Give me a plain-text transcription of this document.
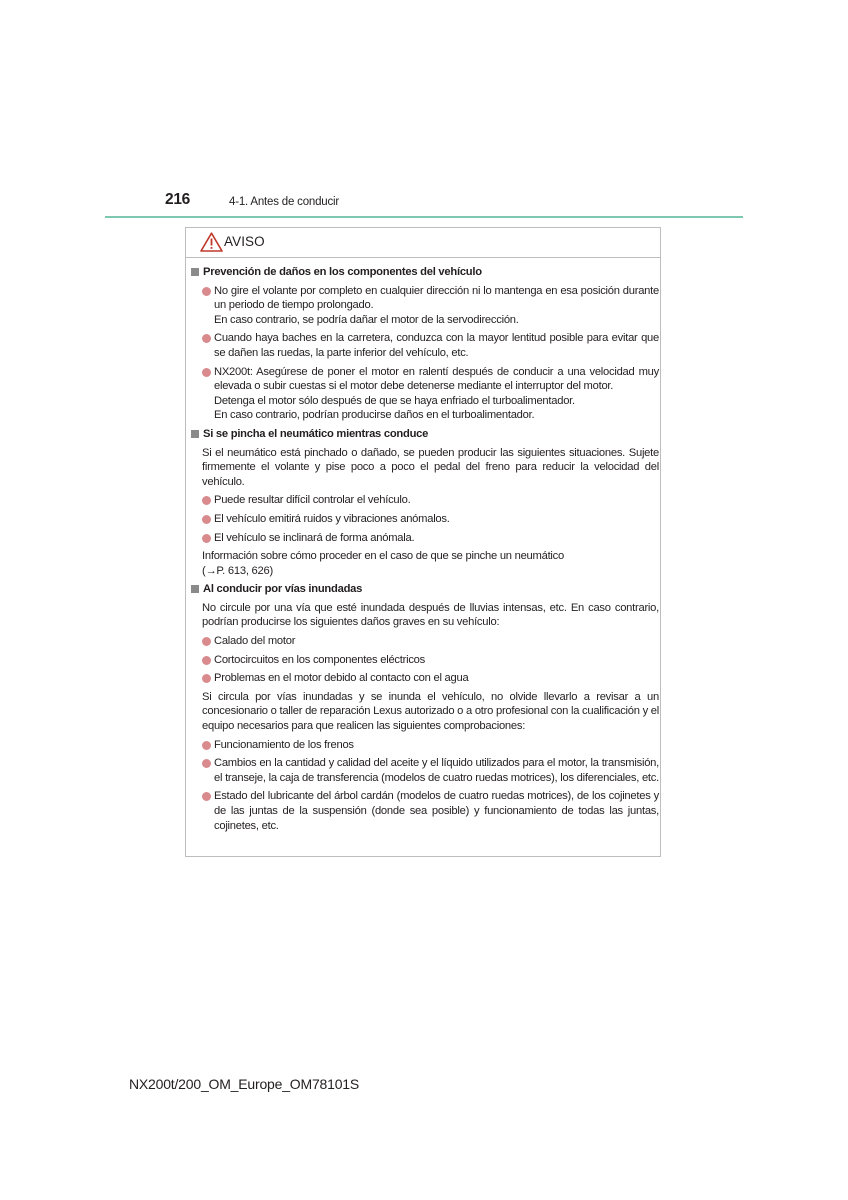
216	4-1. Antes de conducir
AVISO
Prevención de daños en los componentes del vehículo
No gire el volante por completo en cualquier dirección ni lo mantenga en esa posición durante un periodo de tiempo prolongado.
En caso contrario, se podría dañar el motor de la servodirección.
Cuando haya baches en la carretera, conduzca con la mayor lentitud posible para evitar que se dañen las ruedas, la parte inferior del vehículo, etc.
NX200t: Asegúrese de poner el motor en ralentí después de conducir a una velocidad muy elevada o subir cuestas si el motor debe detenerse mediante el interruptor del motor.
Detenga el motor sólo después de que se haya enfriado el turboalimentador.
En caso contrario, podrían producirse daños en el turboalimentador.
Si se pincha el neumático mientras conduce
Si el neumático está pinchado o dañado, se pueden producir las siguientes situaciones. Sujete firmemente el volante y pise poco a poco el pedal del freno para reducir la velocidad del vehículo.
Puede resultar difícil controlar el vehículo.
El vehículo emitirá ruidos y vibraciones anómalos.
El vehículo se inclinará de forma anómala.
Información sobre cómo proceder en el caso de que se pinche un neumático
(→P. 613, 626)
Al conducir por vías inundadas
No circule por una vía que esté inundada después de lluvias intensas, etc. En caso contrario, podrían producirse los siguientes daños graves en su vehículo:
Calado del motor
Cortocircuitos en los componentes eléctricos
Problemas en el motor debido al contacto con el agua
Si circula por vías inundadas y se inunda el vehículo, no olvide llevarlo a revisar a un concesionario o taller de reparación Lexus autorizado o a otro profesional con la cualificación y el equipo necesarios para que realicen las siguientes comprobaciones:
Funcionamiento de los frenos
Cambios en la cantidad y calidad del aceite y el líquido utilizados para el motor, la transmisión, el transeje, la caja de transferencia (modelos de cuatro ruedas motrices), los diferenciales, etc.
Estado del lubricante del árbol cardán (modelos de cuatro ruedas motrices), de los cojinetes y de las juntas de la suspensión (donde sea posible) y funcionamiento de todas las juntas, cojinetes, etc.
NX200t/200_OM_Europe_OM78101S
